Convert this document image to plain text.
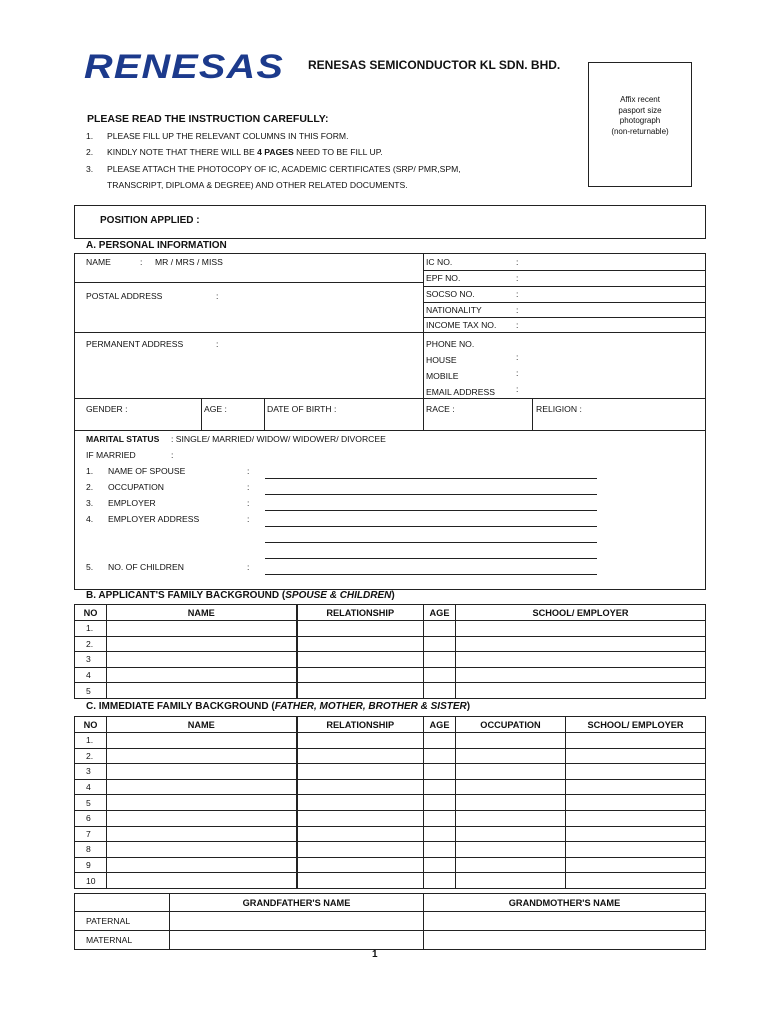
RENESAS RENESAS SEMICONDUCTOR KL SDN. BHD.
Affix recent
pasport size
photograph
(non-returnable)
PLEASE READ THE INSTRUCTION CAREFULLY:
1. PLEASE FILL UP THE RELEVANT COLUMNS IN THIS FORM.
2. KINDLY NOTE THAT THERE WILL BE 4 PAGES NEED TO BE FILL UP.
3. PLEASE ATTACH THE PHOTOCOPY OF IC, ACADEMIC CERTIFICATES (SRP/ PMR,SPM,
TRANSCRIPT, DIPLOMA & DEGREE) AND OTHER RELATED DOCUMENTS.
POSITION APPLIED :
A. PERSONAL INFORMATION
NAME	: MR / MRS / MISS
POSTAL ADDRESS	:
PERMANENT ADDRESS	:
IC NO.	:
EPF NO.	:
SOCSO NO.	:
NATIONALITY	:
INCOME TAX NO. :
PHONE NO.
HOUSE	:
MOBILE	:
EMAIL ADDRESS :
GENDER :	AGE :	DATE OF BIRTH :	RACE :	RELIGION :
MARITAL STATUS : SINGLE/ MARRIED/ WIDOW/ WIDOWER/ DIVORCEE
IF MARRIED	:
1. NAME OF SPOUSE	:
2. OCCUPATION	:
3. EMPLOYER	:
4. EMPLOYER ADDRESS	:
5. NO. OF CHILDREN	:
B. APPLICANT'S FAMILY BACKGROUND (SPOUSE & CHILDREN)
NO	NAME	RELATIONSHIP	AGE	SCHOOL/ EMPLOYER
1.				
2.				
3				
4				
5				
C. IMMEDIATE FAMILY BACKGROUND (FATHER, MOTHER, BROTHER & SISTER)
NO	NAME	RELATIONSHIP	AGE	OCCUPATION	SCHOOL/ EMPLOYER
1.					
2.					
3					
4					
5					
6					
7					
8					
9					
10					
	GRANDFATHER'S NAME	GRANDMOTHER'S NAME
PATERNAL		
MATERNAL		
1
